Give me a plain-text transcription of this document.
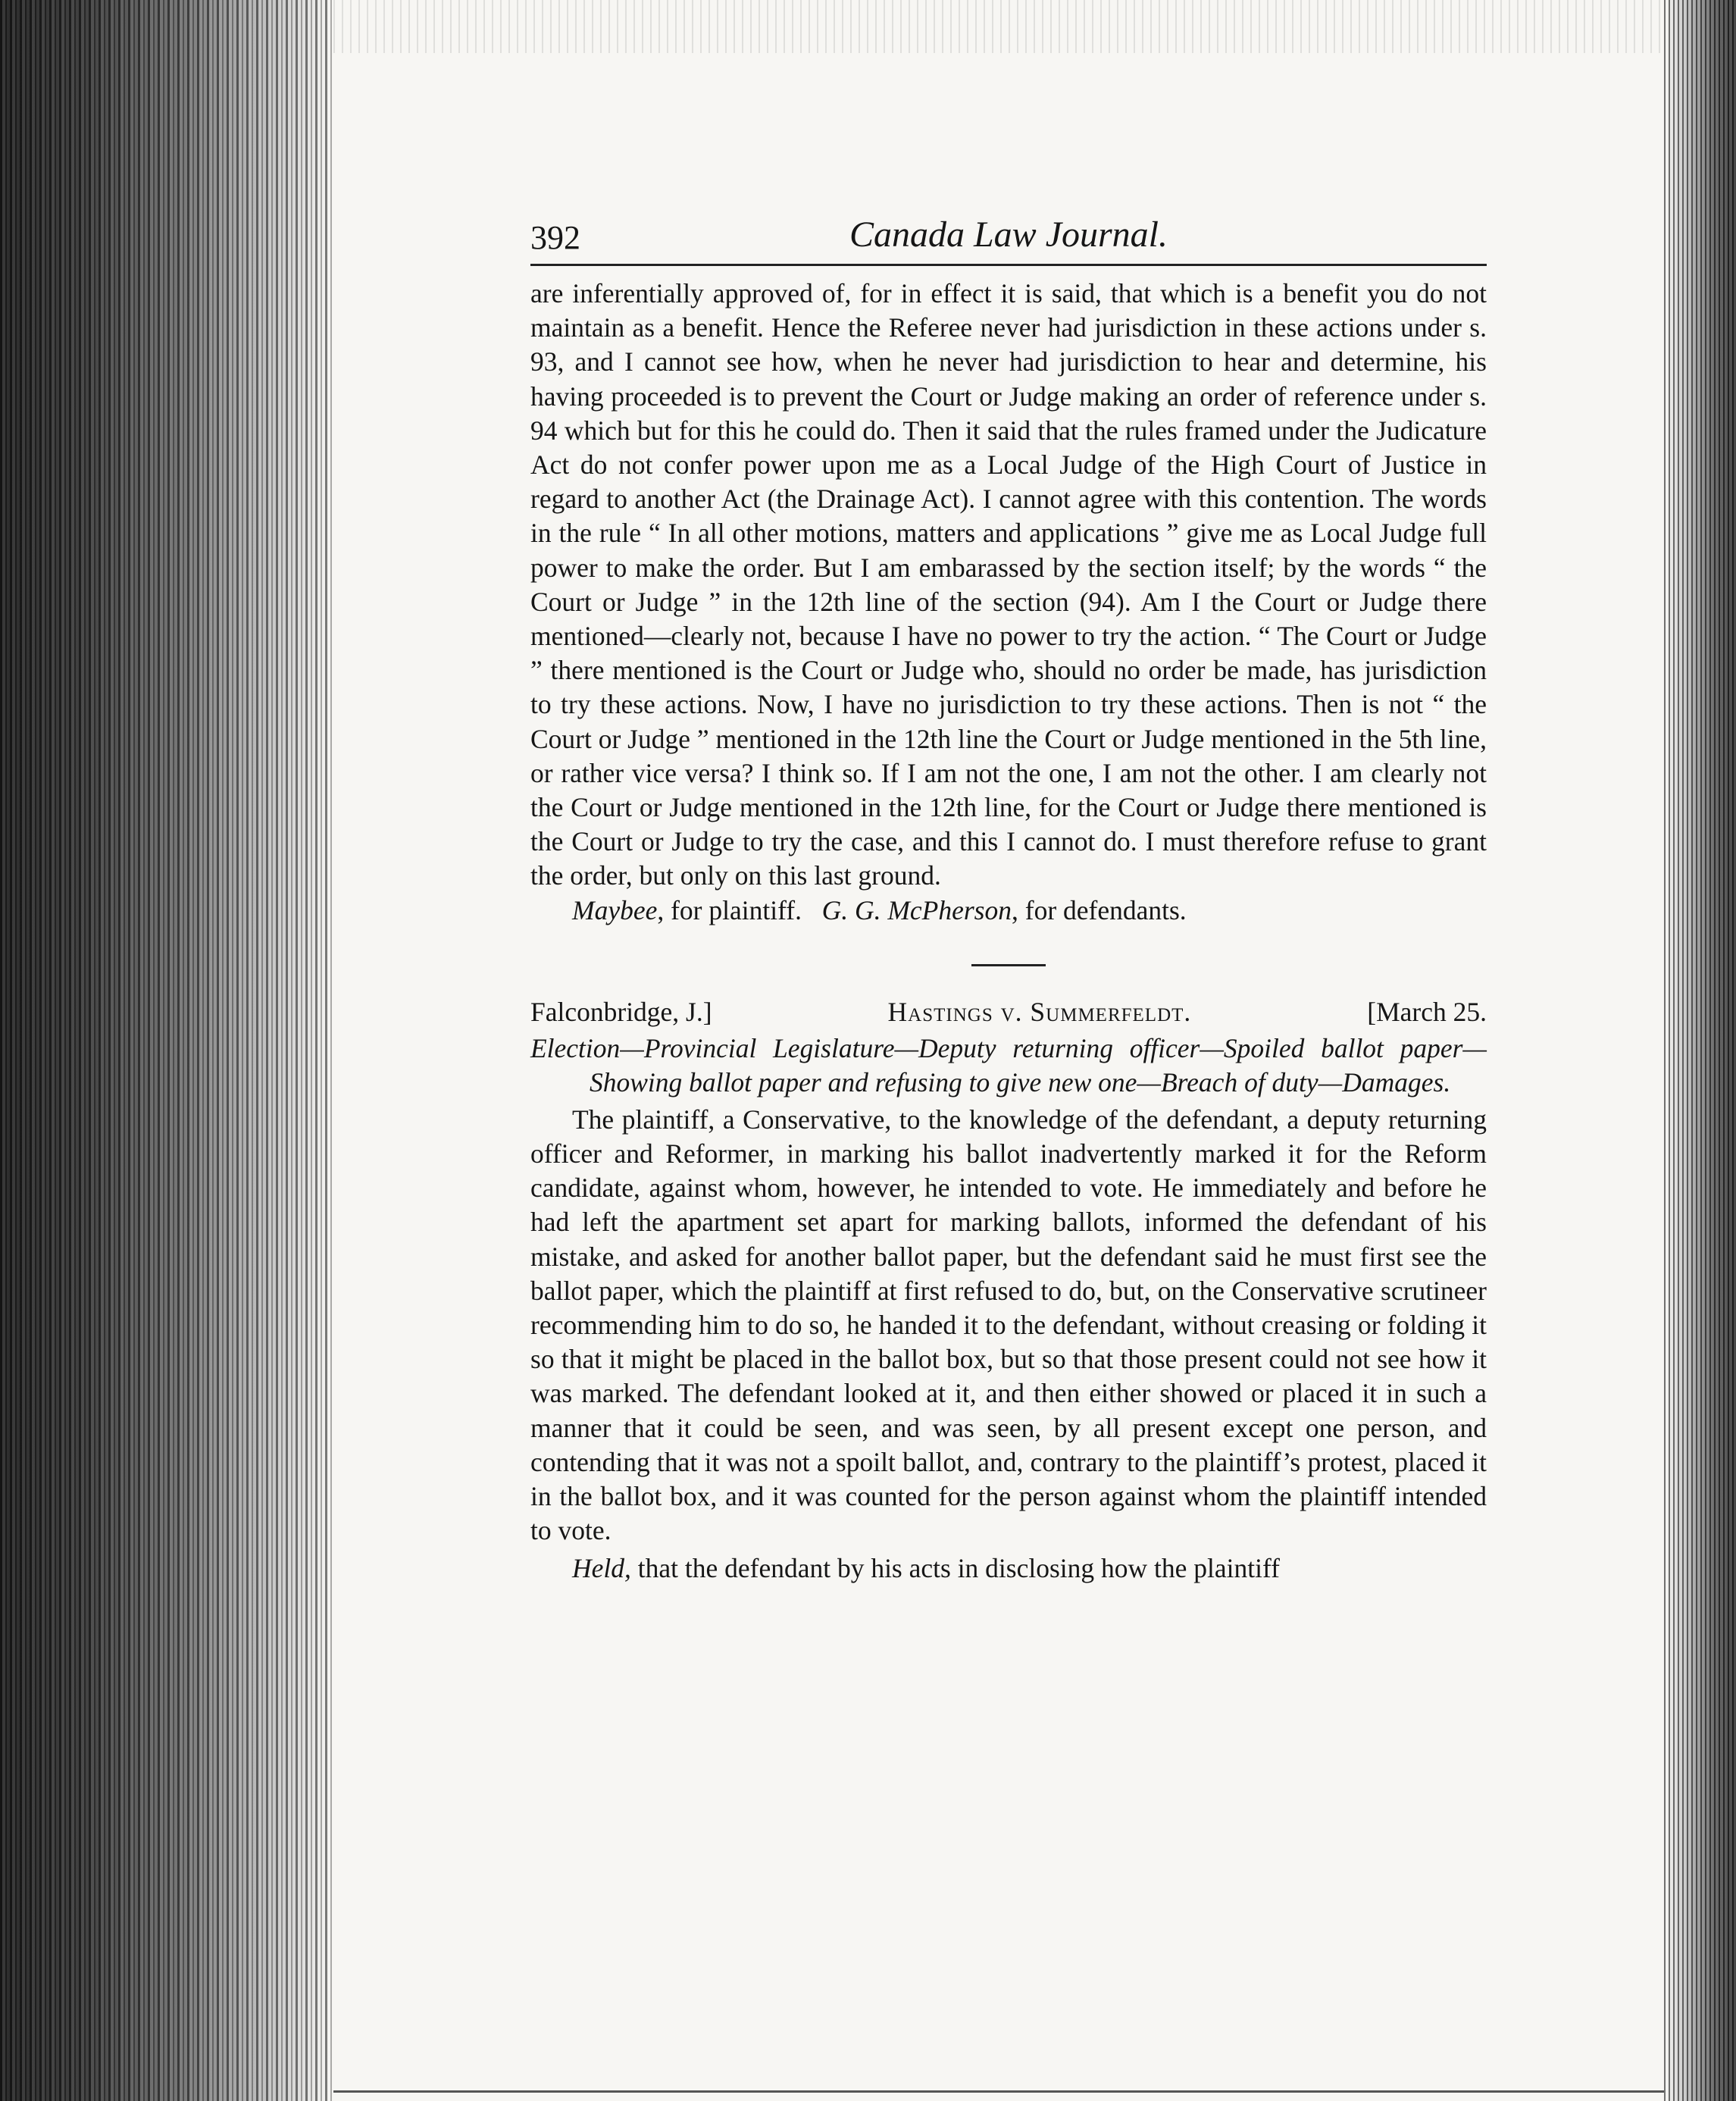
392	Canada Law Journal.

are inferentially approved of, for in effect it is said, that which is a benefit you do not maintain as a benefit. Hence the Referee never had jurisdiction in these actions under s. 93, and I cannot see how, when he never had jurisdiction to hear and determine, his having proceeded is to prevent the Court or Judge making an order of reference under s. 94 which but for this he could do. Then it said that the rules framed under the Judicature Act do not confer power upon me as a Local Judge of the High Court of Justice in regard to another Act (the Drainage Act). I cannot agree with this contention. The words in the rule “ In all other motions, matters and applications ” give me as Local Judge full power to make the order. But I am embarassed by the section itself; by the words “ the Court or Judge ” in the 12th line of the section (94). Am I the Court or Judge there mentioned—clearly not, because I have no power to try the action. “ The Court or Judge ” there mentioned is the Court or Judge who, should no order be made, has jurisdiction to try these actions. Now, I have no jurisdiction to try these actions. Then is not “ the Court or Judge ” mentioned in the 12th line the Court or Judge mentioned in the 5th line, or rather vice versa? I think so. If I am not the one, I am not the other. I am clearly not the Court or Judge mentioned in the 12th line, for the Court or Judge there mentioned is the Court or Judge to try the case, and this I cannot do. I must therefore refuse to grant the order, but only on this last ground.

Maybee, for plaintiff. G. G. McPherson, for defendants.

Falconbridge, J.]	Hastings v. Summerfeldt.	[March 25.

Election—Provincial Legislature—Deputy returning officer—Spoiled ballot paper—Showing ballot paper and refusing to give new one—Breach of duty—Damages.

The plaintiff, a Conservative, to the knowledge of the defendant, a deputy returning officer and Reformer, in marking his ballot inadvertently marked it for the Reform candidate, against whom, however, he intended to vote. He immediately and before he had left the apartment set apart for marking ballots, informed the defendant of his mistake, and asked for another ballot paper, but the defendant said he must first see the ballot paper, which the plaintiff at first refused to do, but, on the Conservative scrutineer recommending him to do so, he handed it to the defendant, without creasing or folding it so that it might be placed in the ballot box, but so that those present could not see how it was marked. The defendant looked at it, and then either showed or placed it in such a manner that it could be seen, and was seen, by all present except one person, and contending that it was not a spoilt ballot, and, contrary to the plaintiff’s protest, placed it in the ballot box, and it was counted for the person against whom the plaintiff intended to vote.

Held, that the defendant by his acts in disclosing how the plaintiff
